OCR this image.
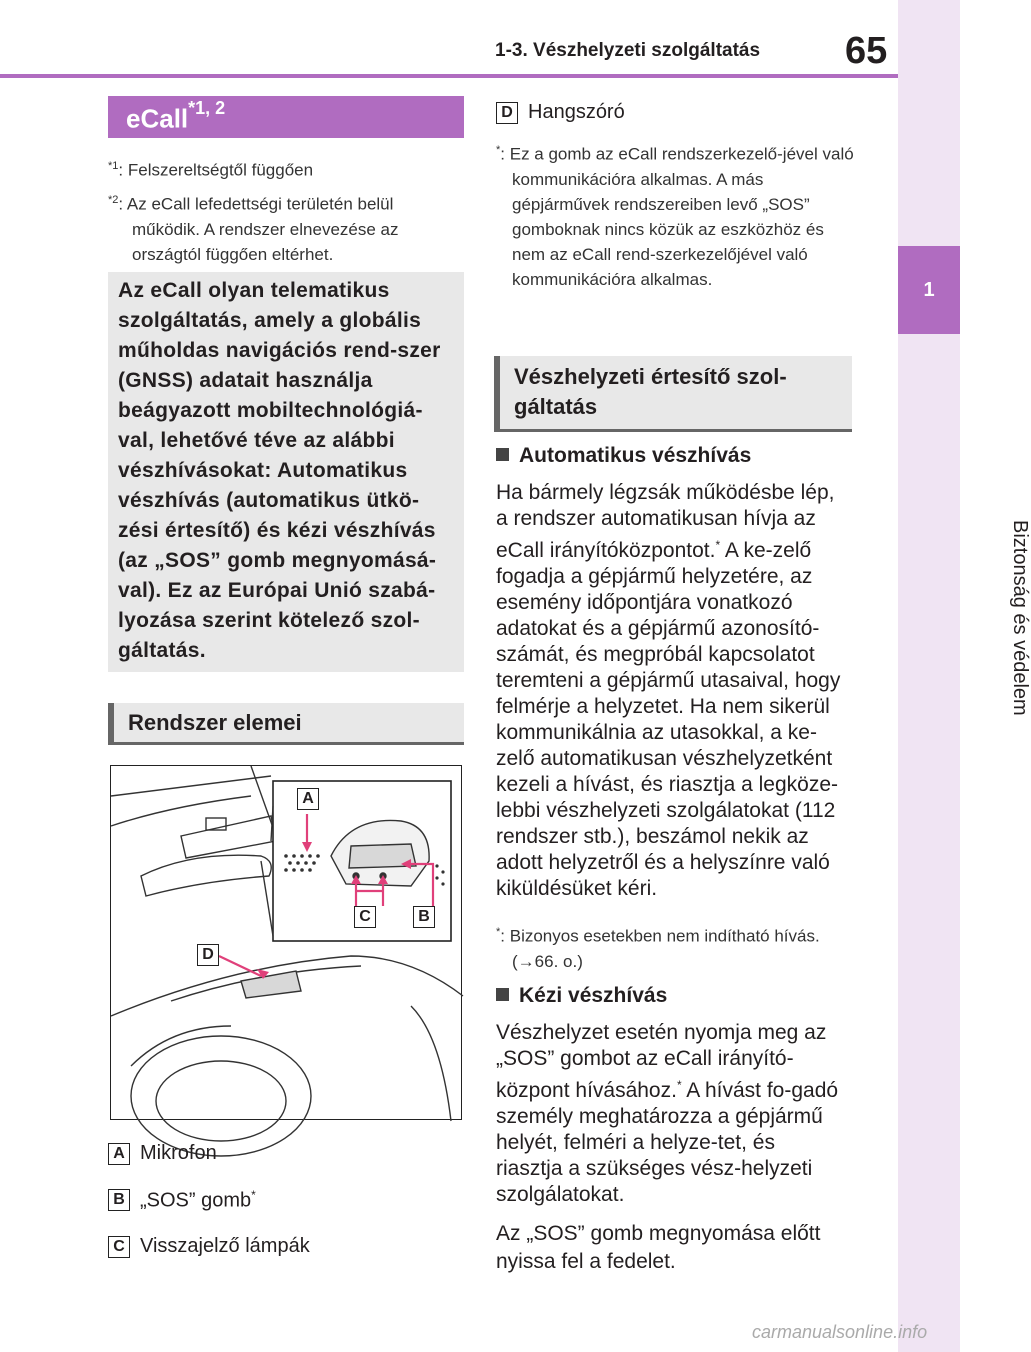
1-3. Vészhelyzeti szolgáltatás 65
1
Biztonság és védelem
eCall$^{*1, 2}$
$^{*1}$: Felszereltségtől függően
$^{*2}$: Az eCall lefedettségi területén belül
működik. A rendszer elnevezése az
országtól függően eltérhet.

Az eCall olyan telematikus szolgáltatás, amely a globális műholdas navigációs rend-szer (GNSS) adatait használja beágyazott mobiltechnológiá-val, lehetővé téve az alábbi vészhívásokat: Automatikus vészhívás (automatikus ütkö-zési értesítő) és kézi vészhívás (az „SOS” gomb megnyomásá-val). Ez az Európai Unió szabá-lyozása szerint kötelező szol-gáltatás.

Rendszer elemei
A
C	B
D
A Mikrofon
B „SOS” gomb*
C Visszajelző lámpák
D Hangszóró
*: Ez a gomb az eCall rendszerkezelő-jével való kommunikációra alkalmas. A más gépjárművek rendszereiben levő „SOS” gomboknak nincs közük az eszközhöz és nem az eCall rend-szerkezelőjével való kommunikációra alkalmas.
Vészhelyzeti értesítő szol-
gáltatás
Automatikus vészhívás
Ha bármely légzsák működésbe lép, a rendszer automatikusan hívja az eCall irányítóközpontot.* A ke-zelő fogadja a gépjármű helyzetére, az esemény időpontjára vonatkozó adatokat és a gépjármű azonosító-számát, és megpróbál kapcsolatot teremteni a gépjármű utasaival, hogy felmérje a helyzetet. Ha nem sikerül kommunikálnia az utasokkal, a ke-zelő automatikusan vészhelyzetként kezeli a hívást, és riasztja a legköze-lebbi vészhelyzeti szolgálatokat (112 rendszer stb.), beszámol nekik az adott helyzetről és a helyszínre való kiküldésüket kéri.
*: Bizonyos esetekben nem indítható hívás. (→66. o.)
Kézi vészhívás
Vészhelyzet esetén nyomja meg az „SOS” gombot az eCall irányító-központ hívásához.* A hívást fo-gadó személy meghatározza a gépjármű helyét, felméri a helyze-tet, és riasztja a szükséges vész-helyzeti szolgálatokat.
Az „SOS” gomb megnyomása előtt nyissa fel a fedelet.
carmanualsonline.info
